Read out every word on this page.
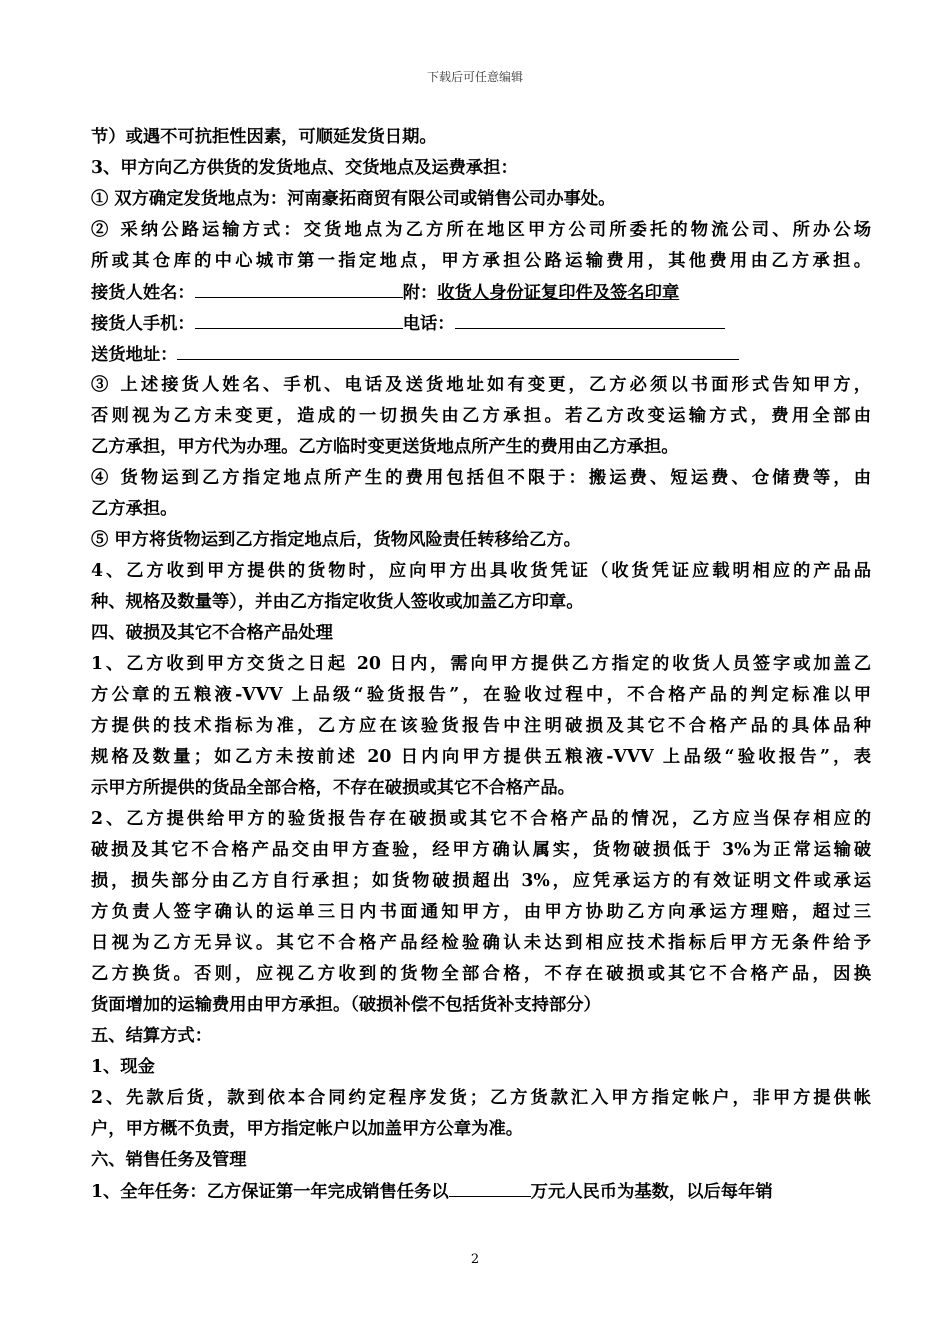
下载后可任意编辑
节）或遇不可抗拒性因素，可顺延发货日期。
3、甲方向乙方供货的发货地点、交货地点及运费承担：
① 双方确定发货地点为：河南豪拓商贸有限公司或销售公司办事处。
② 采纳公路运输方式：交货地点为乙方所在地区甲方公司所委托的物流公司、所办公场
所或其仓库的中心城市第一指定地点，甲方承担公路运输费用，其他费用由乙方承担。
接货人姓名：	附：收货人身份证复印件及签名印章
接货人手机：	电话：
送货地址：
③ 上述接货人姓名、手机、电话及送货地址如有变更，乙方必须以书面形式告知甲方，
否则视为乙方未变更，造成的一切损失由乙方承担。若乙方改变运输方式，费用全部由
乙方承担，甲方代为办理。乙方临时变更送货地点所产生的费用由乙方承担。
④ 货物运到乙方指定地点所产生的费用包括但不限于：搬运费、短运费、仓储费等，由
乙方承担。
⑤ 甲方将货物运到乙方指定地点后，货物风险责任转移给乙方。
4、乙方收到甲方提供的货物时，应向甲方出具收货凭证（收货凭证应载明相应的产品品
种、规格及数量等），并由乙方指定收货人签收或加盖乙方印章。
四、破损及其它不合格产品处理
1、乙方收到甲方交货之日起 20 日内，需向甲方提供乙方指定的收货人员签字或加盖乙
方公章的五粮液-VVV 上品级“验货报告”，在验收过程中，不合格产品的判定标准以甲
方提供的技术指标为准，乙方应在该验货报告中注明破损及其它不合格产品的具体品种
规格及数量；如乙方未按前述 20 日内向甲方提供五粮液-VVV 上品级“验收报告”，表
示甲方所提供的货品全部合格，不存在破损或其它不合格产品。
2、乙方提供给甲方的验货报告存在破损或其它不合格产品的情况，乙方应当保存相应的
破损及其它不合格产品交由甲方查验，经甲方确认属实，货物破损低于 3%为正常运输破
损，损失部分由乙方自行承担；如货物破损超出 3%，应凭承运方的有效证明文件或承运
方负责人签字确认的运单三日内书面通知甲方，由甲方协助乙方向承运方理赔，超过三
日视为乙方无异议。其它不合格产品经检验确认未达到相应技术指标后甲方无条件给予
乙方换货。否则，应视乙方收到的货物全部合格，不存在破损或其它不合格产品，因换
货面增加的运输费用由甲方承担。（破损补偿不包括货补支持部分）
五、结算方式：
1、现金
2、先款后货，款到依本合同约定程序发货；乙方货款汇入甲方指定帐户，非甲方提供帐
户，甲方概不负责，甲方指定帐户以加盖甲方公章为准。
六、销售任务及管理
1、全年任务：乙方保证第一年完成销售任务以	万元人民币为基数，以后每年销
2
